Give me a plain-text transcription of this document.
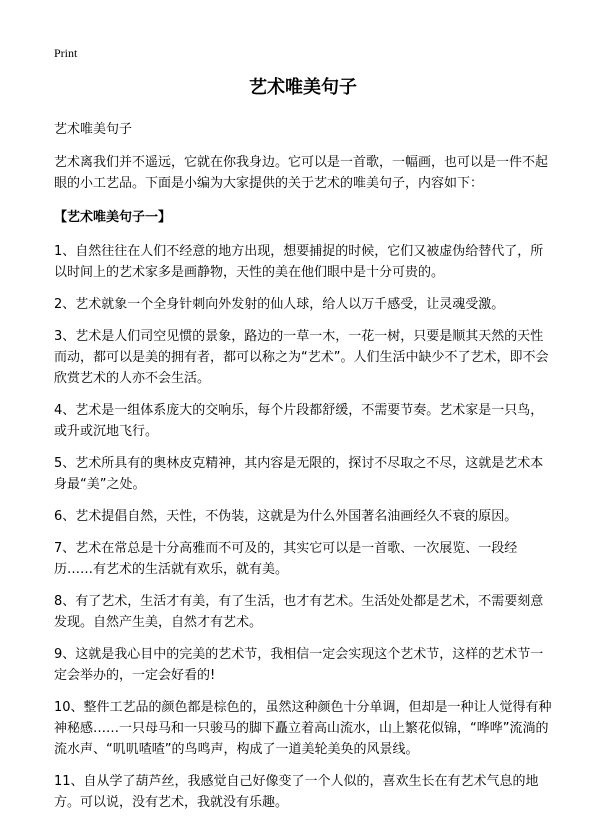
Print
艺术唯美句子

艺术唯美句子

艺术离我们并不遥远，它就在你我身边。它可以是一首歌，一幅画，也可以是一件不起眼的小工艺品。下面是小编为大家提供的关于艺术的唯美句子，内容如下：

【艺术唯美句子一】

1、自然往往在人们不经意的地方出现，想要捕捉的时候，它们又被虚伪给替代了，所以时间上的艺术家多是画静物，天性的美在他们眼中是十分可贵的。

2、艺术就象一个全身针刺向外发射的仙人球，给人以万千感受，让灵魂受激。

3、艺术是人们司空见惯的景象，路边的一草一木，一花一树，只要是顺其天然的天性而动，都可以是美的拥有者，都可以称之为“艺术”。人们生活中缺少不了艺术，即不会欣赏艺术的人亦不会生活。

4、艺术是一组体系庞大的交响乐，每个片段都舒缓，不需要节奏。艺术家是一只鸟，或升或沉地飞行。

5、艺术所具有的奥林皮克精神，其内容是无限的，探讨不尽取之不尽，这就是艺术本身最“美”之处。

6、艺术提倡自然，天性，不伪装，这就是为什么外国著名油画经久不衰的原因。

7、艺术在常总是十分高雅而不可及的，其实它可以是一首歌、一次展览、一段经历……有艺术的生活就有欢乐，就有美。

8、有了艺术，生活才有美，有了生活，也才有艺术。生活处处都是艺术，不需要刻意发现。自然产生美，自然才有艺术。

9、这就是我心目中的完美的艺术节，我相信一定会实现这个艺术节，这样的艺术节一定会举办的，一定会好看的!

10、整件工艺品的颜色都是棕色的，虽然这种颜色十分单调，但却是一种让人觉得有种神秘感……一只母马和一只骏马的脚下矗立着高山流水，山上繁花似锦，“哗哗”流淌的流水声、“叽叽喳喳”的鸟鸣声，构成了一道美轮美奂的风景线。

11、自从学了葫芦丝，我感觉自己好像变了一个人似的，喜欢生长在有艺术气息的地方。可以说，没有艺术，我就没有乐趣。
